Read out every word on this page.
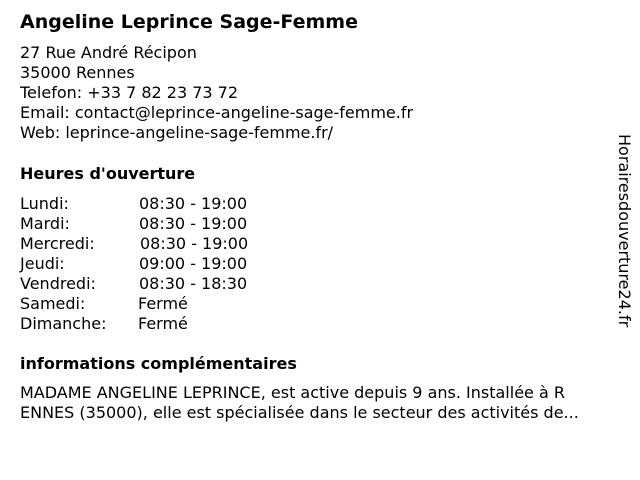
Angeline Leprince Sage-Femme
27 Rue André Récipon
35000 Rennes
Telefon: +33 7 82 23 73 72
Email: contact@leprince-angeline-sage-femme.fr
Web: leprince-angeline-sage-femme.fr/
Heures d'ouverture
Lundi:	08:30 - 19:00
Mardi:	08:30 - 19:00
Mercredi:	08:30 - 19:00
Jeudi:	09:00 - 19:00
Vendredi:	08:30 - 18:30
Samedi:	Fermé
Dimanche: Fermé
informations complémentaires
MADAME ANGELINE LEPRINCE, est active depuis 9 ans. Installée à R
ENNES (35000), elle est spécialisée dans le secteur des activités de...
Horairesdouverture24.fr
